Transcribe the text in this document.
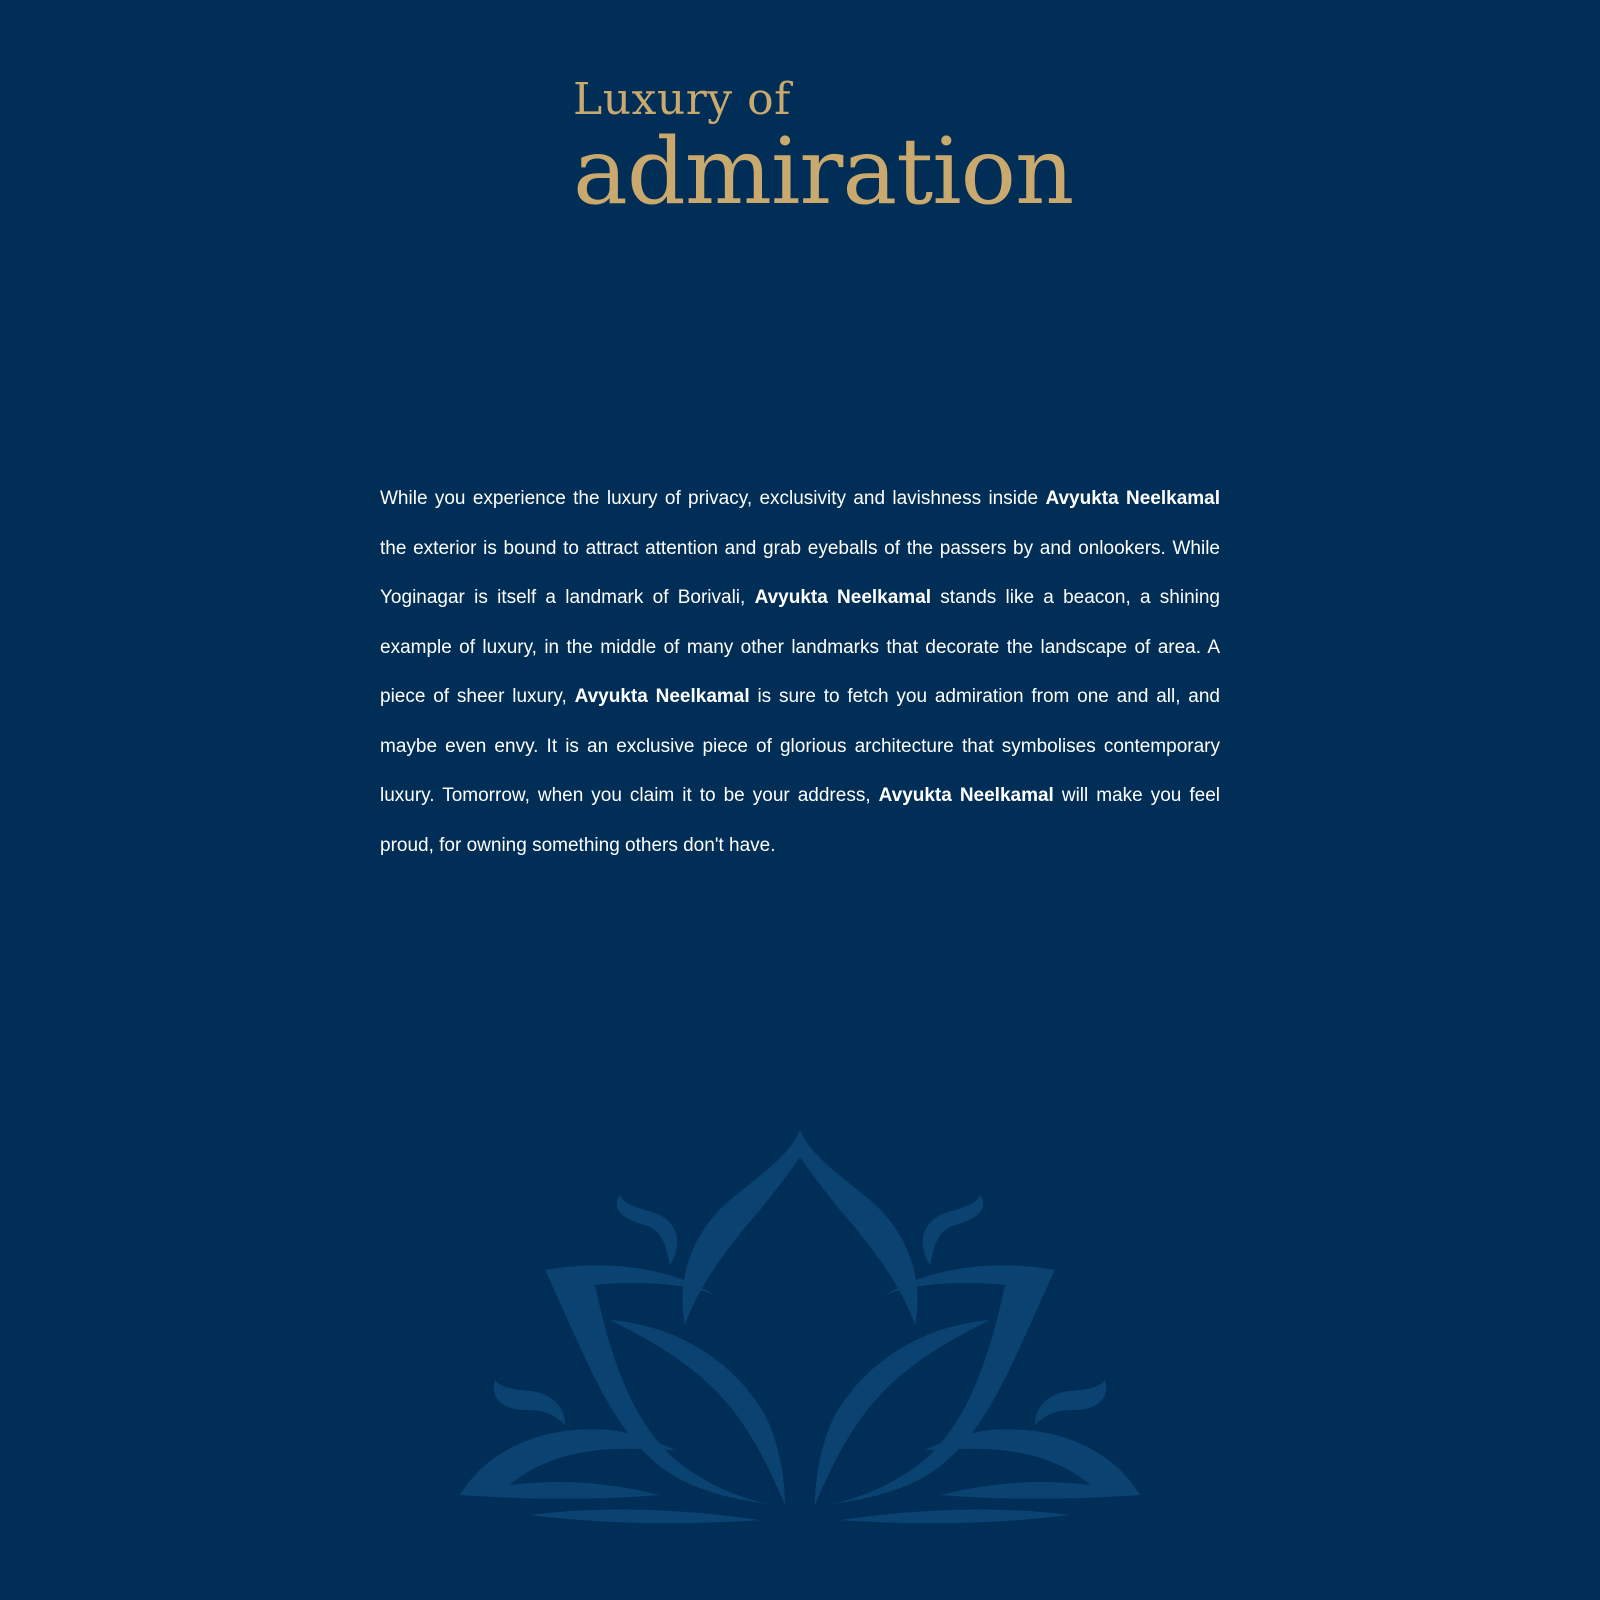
Luxury of
admiration

While you experience the luxury of privacy, exclusivity and lavishness inside Avyukta Neelkamal the exterior is bound to attract attention and grab eyeballs of the passers by and onlookers. While Yoginagar is itself a landmark of Borivali, Avyukta Neelkamal stands like a beacon, a shining example of luxury, in the middle of many other landmarks that decorate the landscape of area. A piece of sheer luxury, Avyukta Neelkamal is sure to fetch you admiration from one and all, and maybe even envy. It is an exclusive piece of glorious architecture that symbolises contemporary luxury. Tomorrow, when you claim it to be your address, Avyukta Neelkamal will make you feel proud, for owning something others don't have.
